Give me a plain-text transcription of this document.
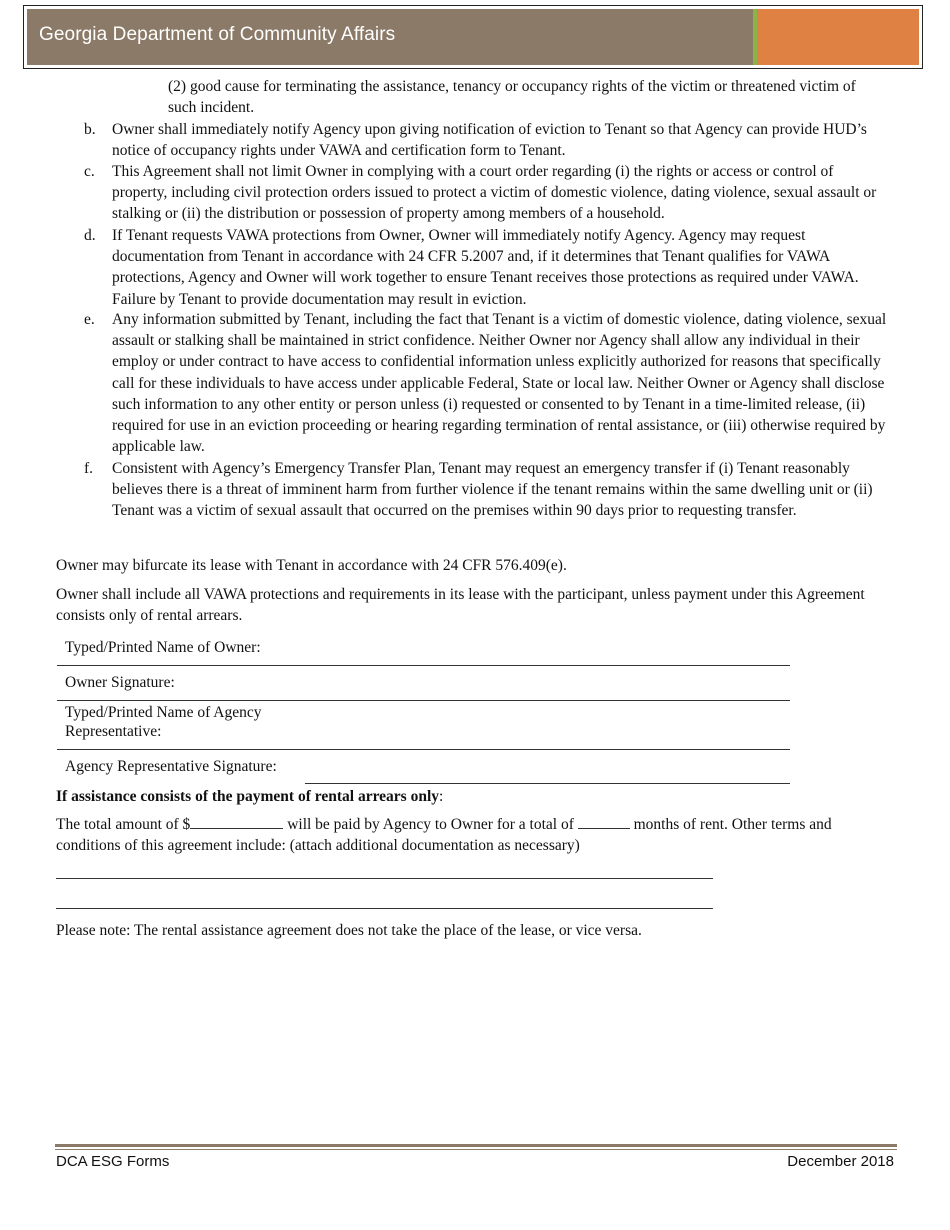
Georgia Department of Community Affairs
(2) good cause for terminating the assistance, tenancy or occupancy rights of the victim or threatened victim of such incident.
b. Owner shall immediately notify Agency upon giving notification of eviction to Tenant so that Agency can provide HUD’s notice of occupancy rights under VAWA and certification form to Tenant.
c. This Agreement shall not limit Owner in complying with a court order regarding (i) the rights or access or control of property, including civil protection orders issued to protect a victim of domestic violence, dating violence, sexual assault or stalking or (ii) the distribution or possession of property among members of a household.
d. If Tenant requests VAWA protections from Owner, Owner will immediately notify Agency. Agency may request documentation from Tenant in accordance with 24 CFR 5.2007 and, if it determines that Tenant qualifies for VAWA protections, Agency and Owner will work together to ensure Tenant receives those protections as required under VAWA. Failure by Tenant to provide documentation may result in eviction.
e. Any information submitted by Tenant, including the fact that Tenant is a victim of domestic violence, dating violence, sexual assault or stalking shall be maintained in strict confidence. Neither Owner nor Agency shall allow any individual in their employ or under contract to have access to confidential information unless explicitly authorized for reasons that specifically call for these individuals to have access under applicable Federal, State or local law. Neither Owner or Agency shall disclose such information to any other entity or person unless (i) requested or consented to by Tenant in a time-limited release, (ii) required for use in an eviction proceeding or hearing regarding termination of rental assistance, or (iii) otherwise required by applicable law.
f. Consistent with Agency’s Emergency Transfer Plan, Tenant may request an emergency transfer if (i) Tenant reasonably believes there is a threat of imminent harm from further violence if the tenant remains within the same dwelling unit or (ii) Tenant was a victim of sexual assault that occurred on the premises within 90 days prior to requesting transfer.
Owner may bifurcate its lease with Tenant in accordance with 24 CFR 576.409(e).
Owner shall include all VAWA protections and requirements in its lease with the participant, unless payment under this Agreement consists only of rental arrears.
Typed/Printed Name of Owner:
Owner Signature:
Typed/Printed Name of Agency
Representative:
Agency Representative Signature:
If assistance consists of the payment of rental arrears only:
The total amount of $	will be paid by Agency to Owner for a total of	months of rent. Other terms and conditions of this agreement include: (attach additional documentation as necessary)
Please note: The rental assistance agreement does not take the place of the lease, or vice versa.
DCA ESG Forms	December 2018
